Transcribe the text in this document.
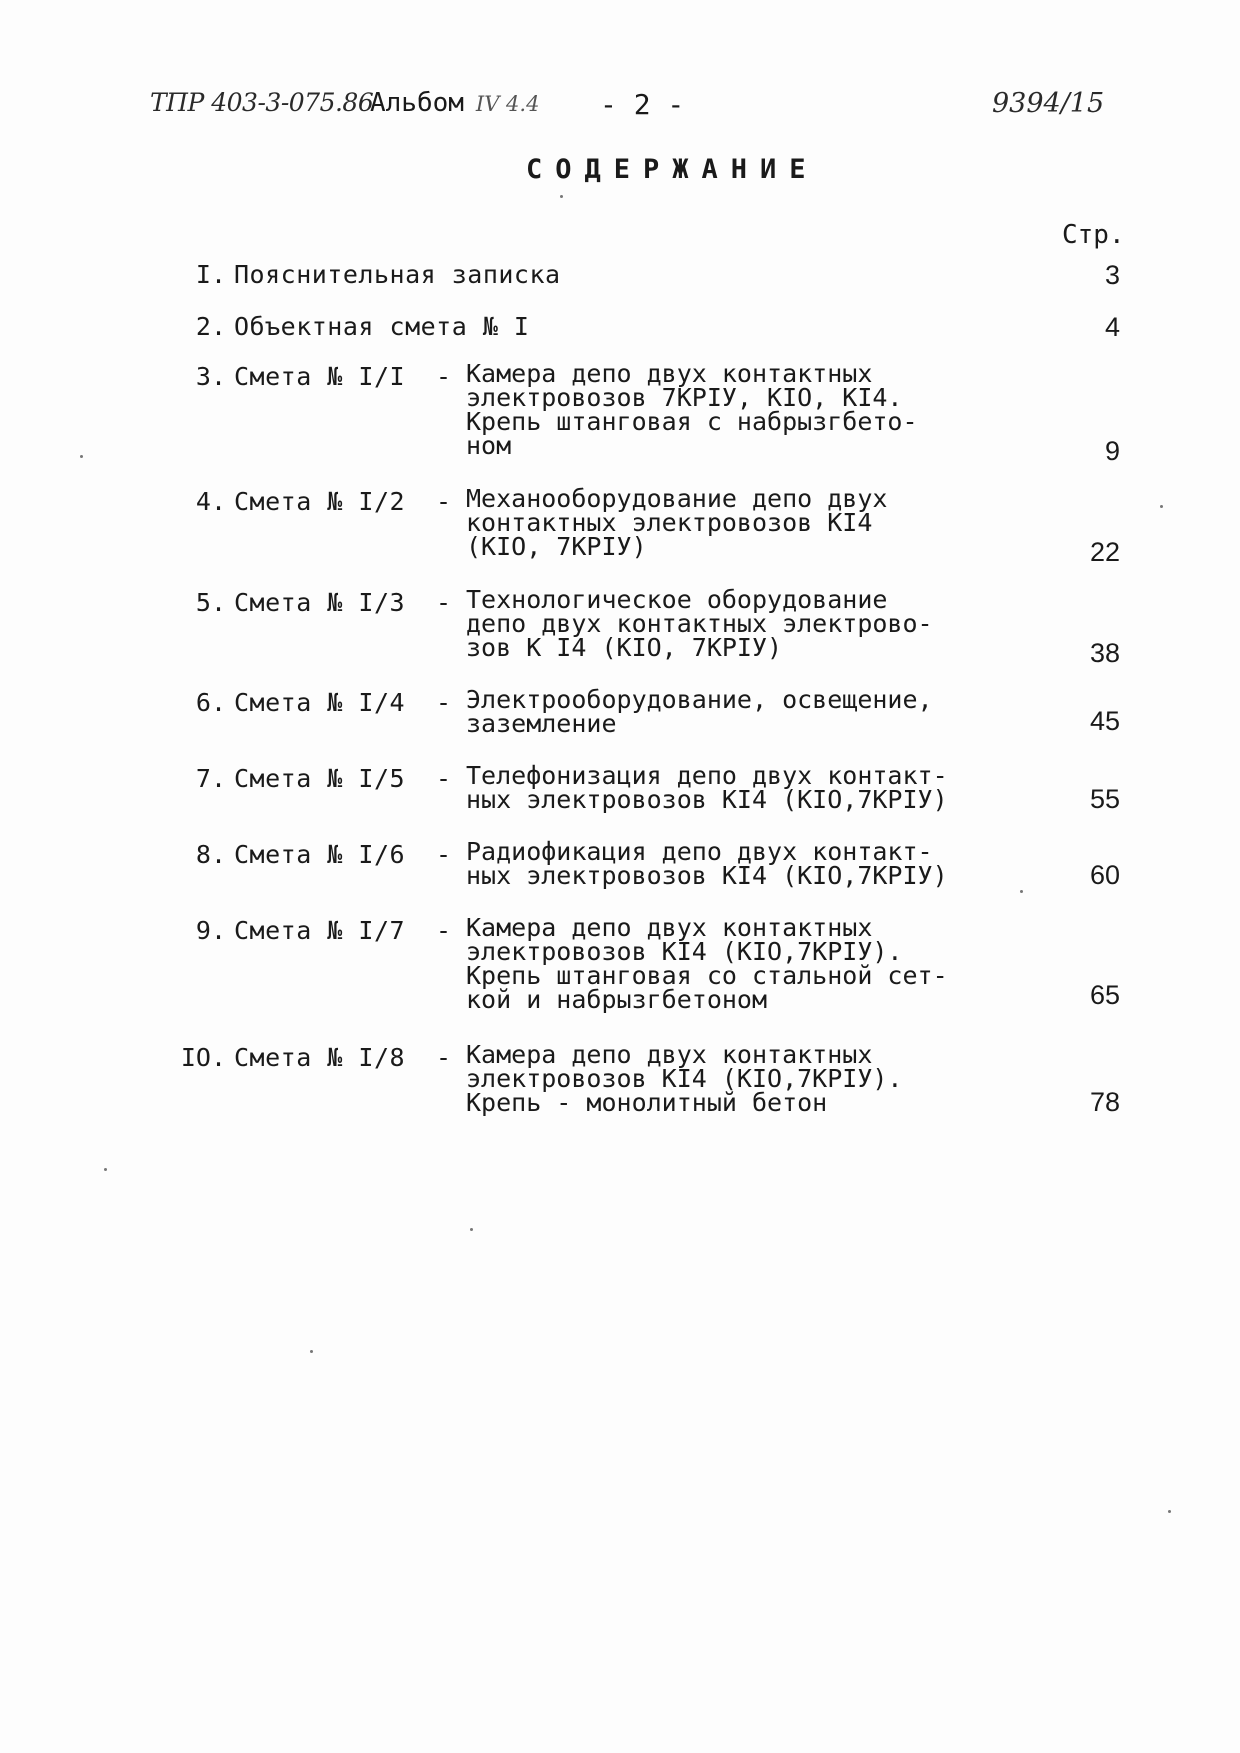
ТПР 403-3-075.86
Альбом IV 4.4 - 2 -	9394/15
СОДЕРЖАНИЕ
Стр.
I. Пояснительная записка	3
2. Объектная смета № I	4
3. Смета № I/I - Камера депо двух контактных
электровозов 7КРIУ, КIО, КI4.
Крепь штанговая с набрызгбето-
ном	9
4. Смета № I/2 - Механооборудование депо двух
контактных электровозов КI4
(КIО, 7КРIУ)	22
5. Смета № I/3 - Технологическое оборудование
депо двух контактных электрово-
зов К I4 (КIО, 7КРIУ)	38
6. Смета № I/4 - Электрооборудование, освещение,
заземление	45
7. Смета № I/5 - Телефонизация депо двух контакт-
ных электровозов КI4 (КIО,7КРIУ)	55
8. Смета № I/6 - Радиофикация депо двух контакт-
ных электровозов КI4 (КIО,7КРIУ)	60
9. Смета № I/7 - Камера депо двух контактных
электровозов КI4 (КIО,7КРIУ).
Крепь штанговая со стальной сет-
кой и набрызгбетоном	65
IO. Смета № I/8 - Камера депо двух контактных
электровозов КI4 (КIО,7КРIУ).
Крепь - монолитный бетон	78
